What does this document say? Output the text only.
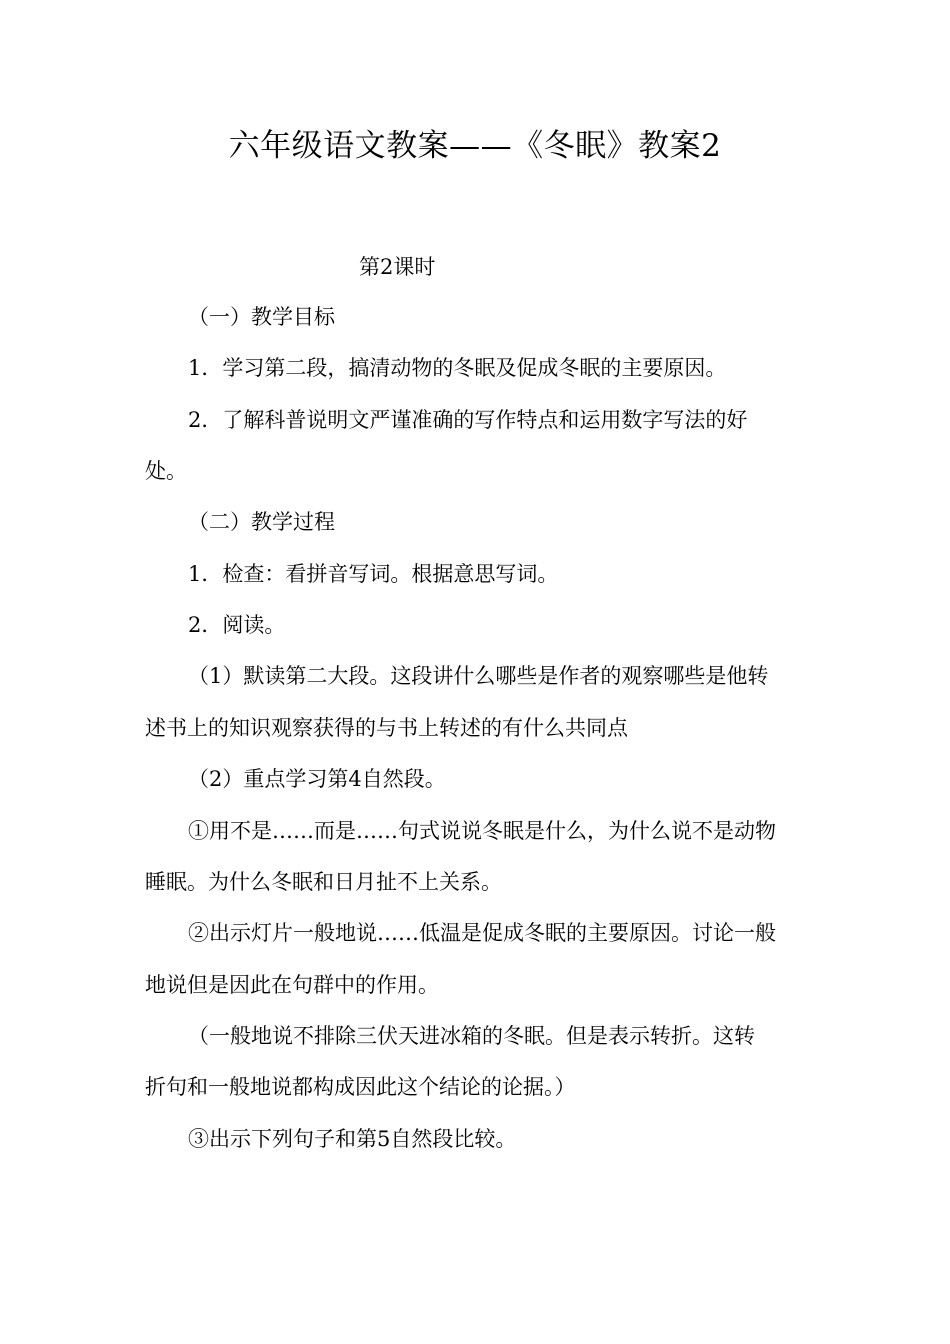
六年级语文教案——《冬眠》教案2
第2课时
（一）教学目标
1．学习第二段，搞清动物的冬眠及促成冬眠的主要原因。
2．了解科普说明文严谨准确的写作特点和运用数字写法的好
处。
（二）教学过程
1．检查：看拼音写词。根据意思写词。
2．阅读。
（1）默读第二大段。这段讲什么哪些是作者的观察哪些是他转
述书上的知识观察获得的与书上转述的有什么共同点
（2）重点学习第4自然段。
①用不是……而是……句式说说冬眠是什么，为什么说不是动物
睡眠。为什么冬眠和日月扯不上关系。
②出示灯片一般地说……低温是促成冬眠的主要原因。讨论一般
地说但是因此在句群中的作用。
（一般地说不排除三伏天进冰箱的冬眠。但是表示转折。这转
折句和一般地说都构成因此这个结论的论据。）
③出示下列句子和第5自然段比较。
